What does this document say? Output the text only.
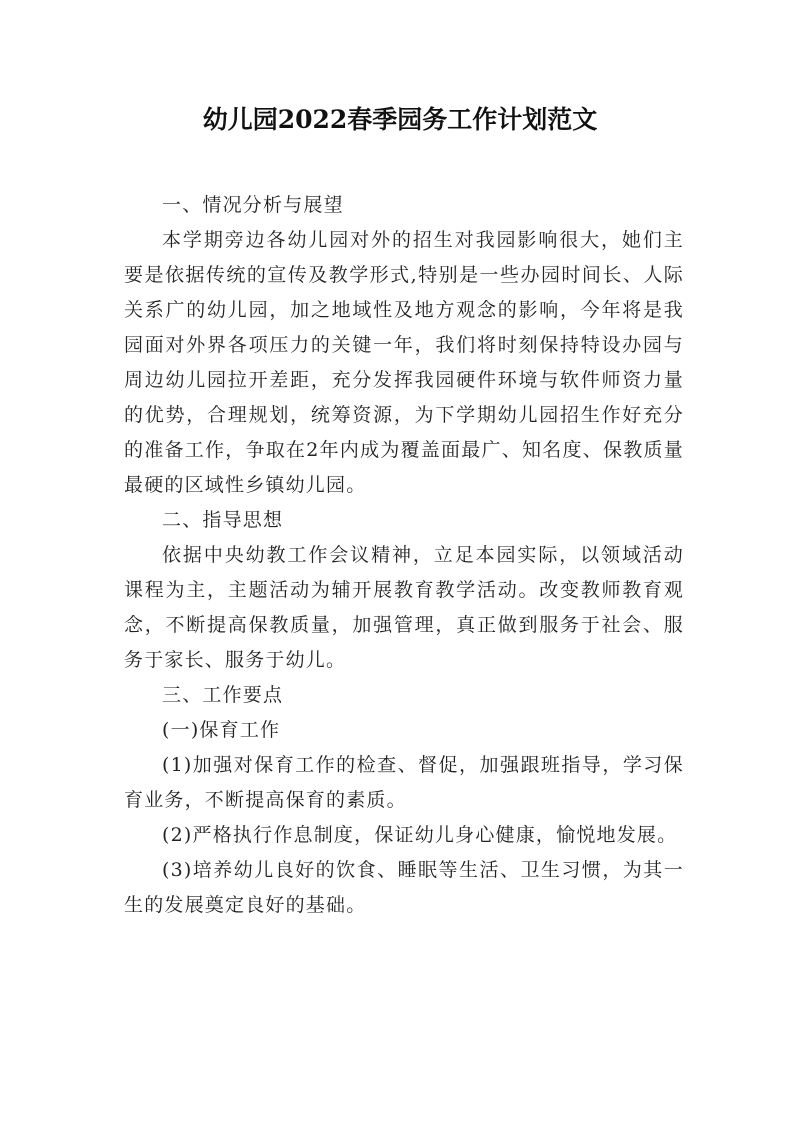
幼儿园2022春季园务工作计划范文

一、情况分析与展望

本学期旁边各幼儿园对外的招生对我园影响很大，她们主要是依据传统的宣传及教学形式,特别是一些办园时间长、人际关系广的幼儿园，加之地域性及地方观念的影响，今年将是我园面对外界各项压力的关键一年，我们将时刻保持特设办园与周边幼儿园拉开差距，充分发挥我园硬件环境与软件师资力量的优势，合理规划，统筹资源，为下学期幼儿园招生作好充分的准备工作，争取在2年内成为覆盖面最广、知名度、保教质量最硬的区域性乡镇幼儿园。

二、指导思想

依据中央幼教工作会议精神，立足本园实际，以领域活动课程为主，主题活动为辅开展教育教学活动。改变教师教育观念，不断提高保教质量，加强管理，真正做到服务于社会、服务于家长、服务于幼儿。

三、工作要点

(一)保育工作

(1)加强对保育工作的检查、督促，加强跟班指导，学习保育业务，不断提高保育的素质。

(2)严格执行作息制度，保证幼儿身心健康，愉悦地发展。

(3)培养幼儿良好的饮食、睡眠等生活、卫生习惯，为其一生的发展奠定良好的基础。
